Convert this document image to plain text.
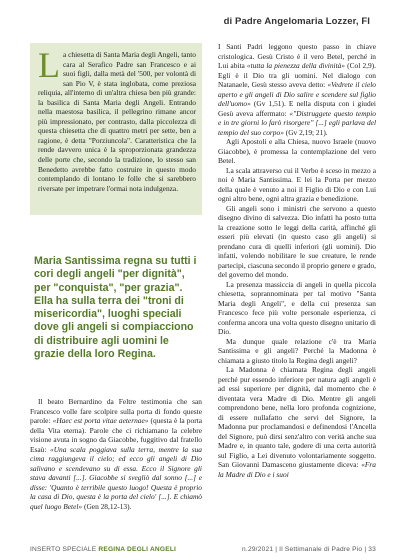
di Padre Angelomaria Lozzer, FI
La chiesetta di Santa Maria degli Angeli, tanto cara al Serafico Padre san Francesco e ai suoi figli, dalla metà del '500, per volontà di san Pio V, è stata inglobata, come preziosa reliquia, all'interno di un'altra chiesa ben più grande: la basilica di Santa Maria degli Angeli. Entrando nella maestosa basilica, il pellegrino rimane ancor più impressionato, per contrasto, dalla piccolezza di questa chiesetta che di quattro metri per sette, ben a ragione, è detta "Porziuncola". Caratteristica che la rende davvero unica è la sproporzionata grandezza delle porte che, secondo la tradizione, lo stesso san Benedetto avrebbe fatto costruire in questo modo contemplando di lontano le folle che si sarebbero riversate per impetrare l'ormai nota indulgenza.
Maria Santissima regna su tutti i cori degli angeli "per dignità", per "conquista", "per grazia". Ella ha sulla terra dei "troni di misericordia", luoghi speciali dove gli angeli si compiacciono di distribuire agli uomini le grazie della loro Regina.

Il beato Bernardino da Feltre testimonia che san Francesco volle fare scolpire sulla porta di fondo queste parole: «Haec est porta vitae aeternae» (questa è la porta della Vita eterna). Parole che ci richiamano la celebre visione avuta in sogno da Giacobbe, fuggitivo dal fratello Esaù: «Una scala poggiava sulla terra, mentre la sua cima raggiungeva il cielo; ed ecco gli angeli di Dio salivano e scendevano su di essa. Ecco il Signore gli stava davanti [...]. Giacobbe si svegliò dal sonno [...] e disse: 'Quanto è terribile questo luogo! Questa è proprio la casa di Dio, questa è la porta del cielo' [...]. E chiamò quel luogo Betel» (Gen 28,12-13).

I Santi Padri leggono questo passo in chiave cristologica. Gesù Cristo è il vero Betel, perché in Lui abita «tutta la pienezza della divinità» (Col 2,9). Egli è il Dio tra gli uomini. Nel dialogo con Natanaele, Gesù stesso aveva detto: «Vedrete il cielo aperto e gli angeli di Dio salire e scendere sul figlio dell'uomo» (Gv 1,51). E nella disputa con i giudei Gesù aveva affermato: «"Distruggete questo tempio e in tre giorni lo farò risorgere" [...] egli parlava del tempio del suo corpo» (Gv 2,19; 21).

Agli Apostoli e alla Chiesa, nuovo Israele (nuovo Giacobbe), è promessa la contemplazione del vero Betel.

La scala attraverso cui il Verbo è sceso in mezzo a noi è Maria Santissima. E lei la Porta per mezzo della quale è venuto a noi il Figlio di Dio e con Lui ogni altro bene, ogni altra grazia e benedizione.

Gli angeli sono i ministri che servono a questo disegno divino di salvezza. Dio infatti ha posto tutta la creazione sotto le leggi della carità, affinché gli esseri più elevati (in questo caso gli angeli) si prendano cura di quelli inferiori (gli uomini). Dio infatti, volendo nobilitare le sue creature, le rende partecipi, ciascuna secondo il proprio genere e grado, del governo del mondo.

La presenza massiccia di angeli in quella piccola chiesetta, soprannominata per tal motivo "Santa Maria degli Angeli", e della cui presenza san Francesco fece più volte personale esperienza, ci conferma ancora una volta questo disegno unitario di Dio.

Ma dunque quale relazione c'è tra Maria Santissima e gli angeli? Perché la Madonna è chiamata a giusto titolo la Regina degli angeli?

La Madonna è chiamata Regina degli angeli perché pur essendo inferiore per natura agli angeli è ad essi superiore per dignità, dal momento che è diventata vera Madre di Dio. Mentre gli angeli comprendono bene, nella loro profonda cognizione, di essere nullafatto che servi del Signore, la Madonna pur proclamandosi e definendosi l'Ancella del Signore, può dirsi senz'altro con verità anche sua Madre e, in quanto tale, godere di una certa autorità sul Figlio, a Lei divenuto volontariamente soggetto. San Giovanni Damasceno giustamente diceva: «Fra la Madre di Dio e i suoi

INSERTO SPECIALE REGINA DEGLI ANGELI	n.29/2021 | Il Settimanale di Padre Pio | 33
